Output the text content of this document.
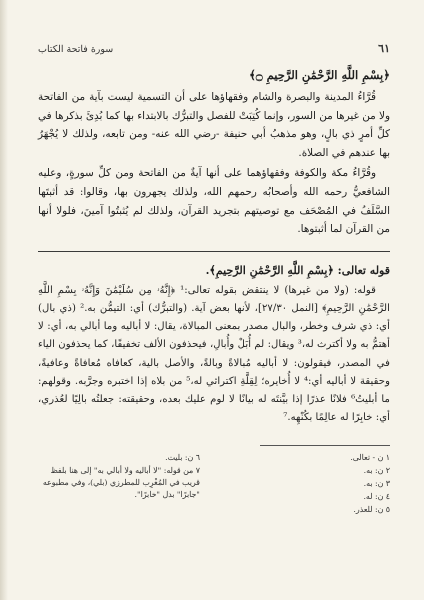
٦١
سورة فاتحة الكتاب
﴿بِسْمِ اللَّهِ الرَّحْمَٰنِ الرَّحِيمِ ۝﴾

قُرَّاءُ المدينة والبصرة والشام وفقهاؤها على أن التسمية ليست بآية من الفاتحة ولا من غيرها من السور، وإنما كُتِبَتْ للفصل والتبرُّك بالابتداء بها كما بُدِئَ بذكرها في كلِّ أمرٍ ذي بالٍ، وهو مذهبُ أبي حنيفة -رضي الله عنه- ومن تابعه، ولذلك لا يُجْهَرُ بها عندهم في الصلاة.

وقُرَّاءُ مكة والكوفة وفقهاؤهما على أنها آيةٌ من الفاتحة ومن كلِّ سورةٍ، وعليه الشافعيُّ رحمه الله وأصحابُه رحمهم الله، ولذلك يجهرون بها، وقالوا: قد أثبتَها السَّلَفُ في المُصْحَف مع توصيتهم بتجريد القرآن، ولذلك لم يُثبتُوا آمينَ، فلولا أنها من القرآن لما أثبتوها.

قوله تعالى: ﴿بِسْمِ اللَّهِ الرَّحْمَٰنِ الرَّحِيمِ﴾.

قوله: (ولا من غيرها) لا ينتقض بقوله تعالى:¹ ﴿إِنَّهُۥ مِن سُلَيْمَٰنَ وَإِنَّهُۥ بِسْمِ اللَّهِ الرَّحْمَٰنِ الرَّحِيمِ﴾ [النمل ٢٧/٣٠]، لأنها بعض آية. (والتبرُّك) أي: التيمُّن به.² (ذي بال) أي: ذي شرف وخطر، والبال مصدر بمعنى المبالاة، يقال: لا أباليه وما أبالي به، أي: لا أهتمُّ به ولا أكترث له،³ ويقال: لم أُبَلْ وأُبالِ، فيحذفون الألف تخفيفًا، كما يحذفون الياء في المصدر، فيقولون: لا أباليه مُبالاةً وبالةً، والأصل بالية، كعافاه مُعافاةً وعافيةً، وحقيقة لا أباليه أي:⁴ لا أُخايره؛ لِقِلَّةِ اكتراثي له،⁵ من بلاه إذا اختبره وجرَّبه. وقولهم: ما أبليتُ⁶ فلانًا عذرًا إذا بيَّنتَه له بيانًا لا لوم عليك بعده، وحقيقته: جعلتُه بالِيًا لعُذري، أي: خابِرًا له عالِمًا بكُنْهِه.⁷

١ ن - تعالى.
٢ ن: به.
٣ ن: به.
٤ ن: له.
٥ ن: للعذر.
٦ ن: بليت.
٧ من قوله: "لا أباليه ولا أبالي به" إلى هنا بلفظ قريب في المُغْرِب للمطرزي (بلي)، وفي مطبوعه "جابرًا" بدل "خابرًا".
